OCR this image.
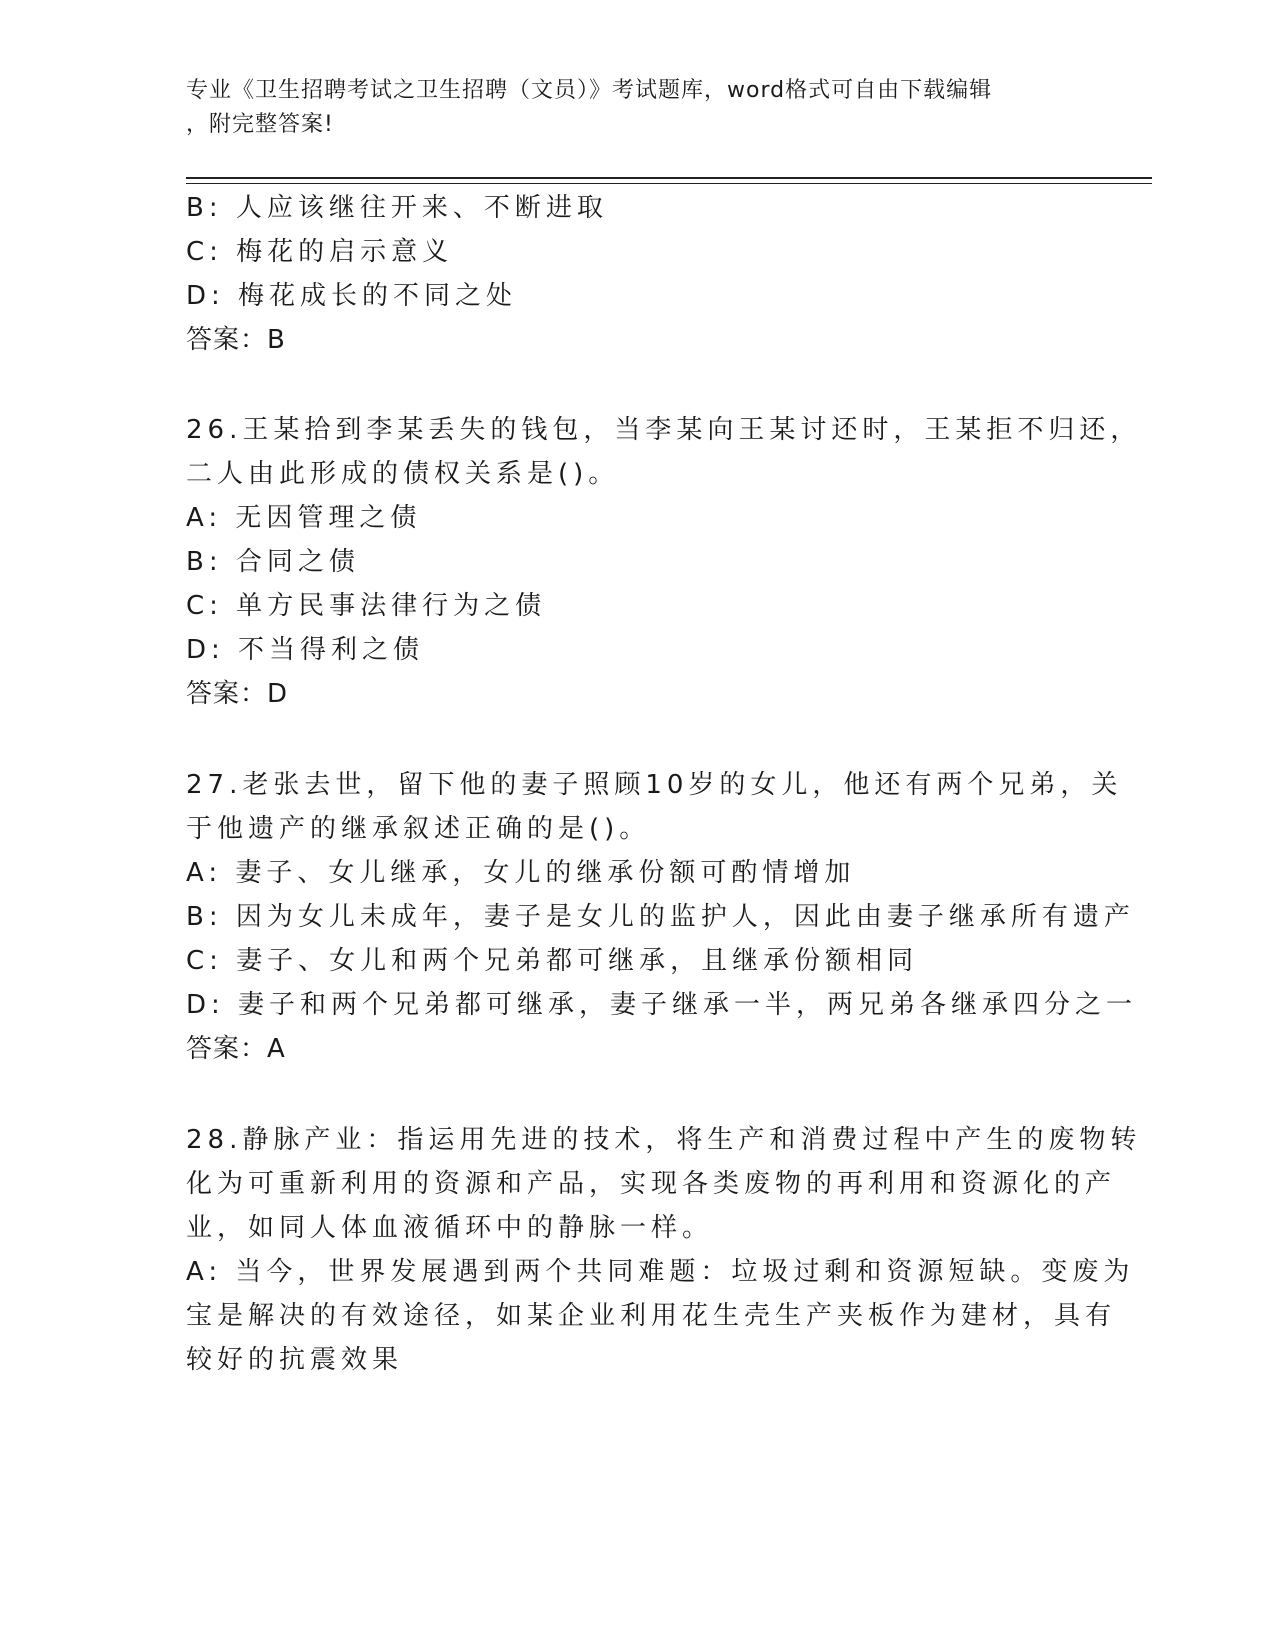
专业《卫生招聘考试之卫生招聘（文员）》考试题库，word格式可自由下载编辑
，附完整答案!
B: 人应该继往开来、不断进取
C: 梅花的启示意义
D: 梅花成长的不同之处
答案：B
26.王某拾到李某丢失的钱包，当李某向王某讨还时，王某拒不归还，
二人由此形成的债权关系是()。
A: 无因管理之债
B: 合同之债
C: 单方民事法律行为之债
D: 不当得利之债
答案：D
27.老张去世，留下他的妻子照顾10岁的女儿，他还有两个兄弟，关
于他遗产的继承叙述正确的是()。
A: 妻子、女儿继承，女儿的继承份额可酌情增加
B: 因为女儿未成年，妻子是女儿的监护人，因此由妻子继承所有遗产
C: 妻子、女儿和两个兄弟都可继承，且继承份额相同
D: 妻子和两个兄弟都可继承，妻子继承一半，两兄弟各继承四分之一
答案：A
28.静脉产业：指运用先进的技术，将生产和消费过程中产生的废物转
化为可重新利用的资源和产品，实现各类废物的再利用和资源化的产
业，如同人体血液循环中的静脉一样。
A: 当今，世界发展遇到两个共同难题：垃圾过剩和资源短缺。变废为
宝是解决的有效途径，如某企业利用花生壳生产夹板作为建材，具有
较好的抗震效果
